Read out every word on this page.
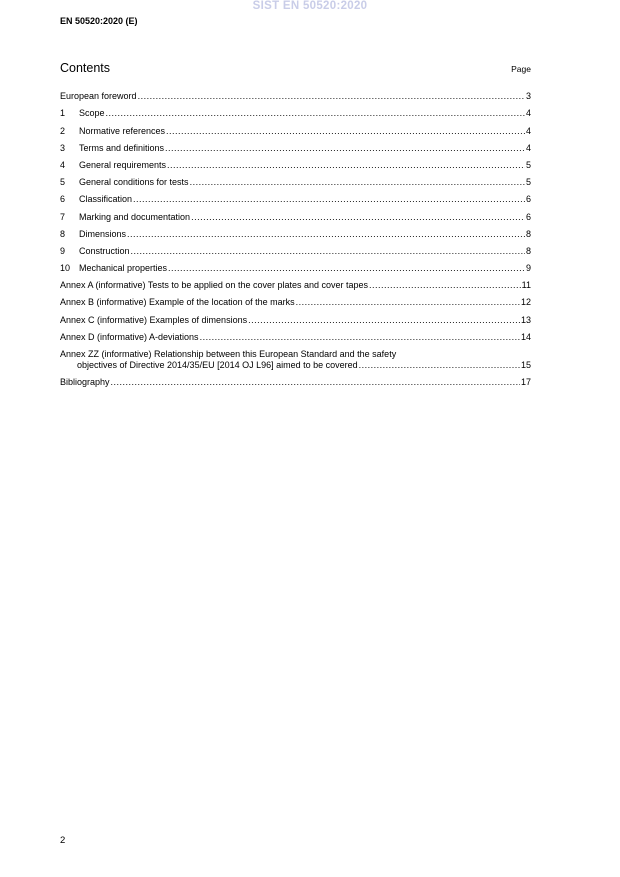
SIST EN 50520:2020
EN 50520:2020 (E)
Contents	Page
European foreword .....	3
1	Scope .....	4
2	Normative references .....	4
3	Terms and definitions .....	4
4	General requirements .....	5
5	General conditions for tests .....	5
6	Classification .....	6
7	Marking and documentation .....	6
8	Dimensions .....	8
9	Construction .....	8
10 Mechanical properties .....	9
Annex A (informative) Tests to be applied on the cover plates and cover tapes .....	11
Annex B (informative) Example of the location of the marks .....	12
Annex C (informative) Examples of dimensions .....	13
Annex D (informative) A-deviations .....	14
Annex ZZ (informative) Relationship between this European Standard and the safety
objectives of Directive 2014/35/EU [2014 OJ L96] aimed to be covered .....	15
Bibliography .....	17
2
